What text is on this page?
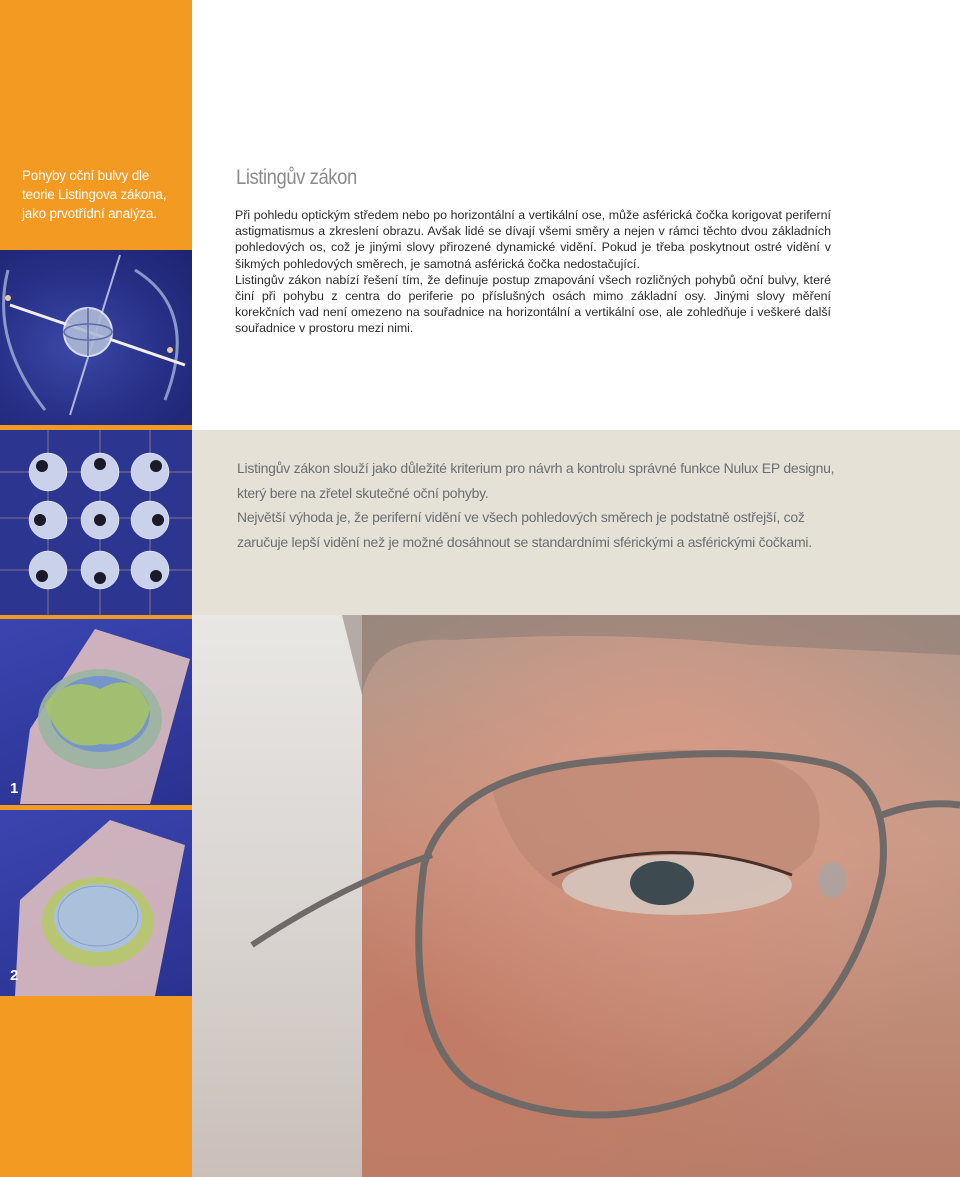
Pohyby oční bulvy dle teorie Listingova zákona, jako prvotřídní analýza.
1
2
Listingův zákon

Při pohledu optickým středem nebo po horizontální a vertikální ose, může asférická čočka korigovat periferní astigmatismus a zkreslení obrazu. Avšak lidé se dívají všemi směry a nejen v rámci těchto dvou základních pohledových os, což je jinými slovy přirozené dynamické vidění. Pokud je třeba poskytnout ostré vidění v šikmých pohledových směrech, je samotná asférická čočka nedostačující.

Listingův zákon nabízí řešení tím, že definuje postup zmapování všech rozličných pohybů oční bulvy, které činí při pohybu z centra do periferie po příslušných osách mimo základní osy. Jinými slovy měření korekčních vad není omezeno na souřadnice na horizontální a vertikální ose, ale zohledňuje i veškeré další souřadnice v prostoru mezi nimi.

Listingův zákon slouží jako důležité kriterium pro návrh a kontrolu správné funkce Nulux EP designu, který bere na zřetel skutečné oční pohyby.

Největší výhoda je, že periferní vidění ve všech pohledových směrech je podstatně ostřejší, což zaručuje lepší vidění než je možné dosáhnout se standardními sférickými a asférickými čočkami.
